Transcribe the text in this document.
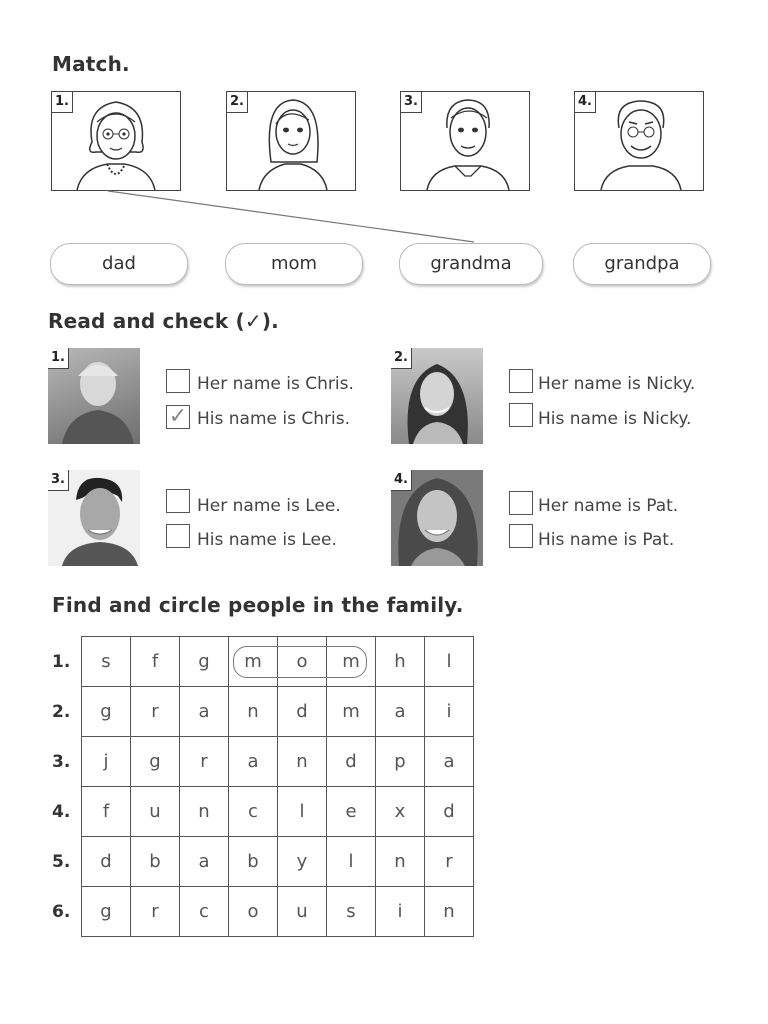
Match.
1.	2.	3.	4.
dad	mom	grandma	grandpa
Read and check (✓).
1.
Her name is Chris.
✓ His name is Chris.
2.
Her name is Nicky.
His name is Nicky.
3.
Her name is Lee.
His name is Lee.
4.
Her name is Pat.
His name is Pat.
Find and circle people in the family.
1.
2.
3.
4.
5.
6.
s	f	g	m	o	m	h	l
g	r	a	n	d	m	a	i
j	g	r	a	n	d	p	a
f	u	n	c	l	e	x	d
d	b	a	b	y	l	n	r
g	r	c	o	u	s	i	n
